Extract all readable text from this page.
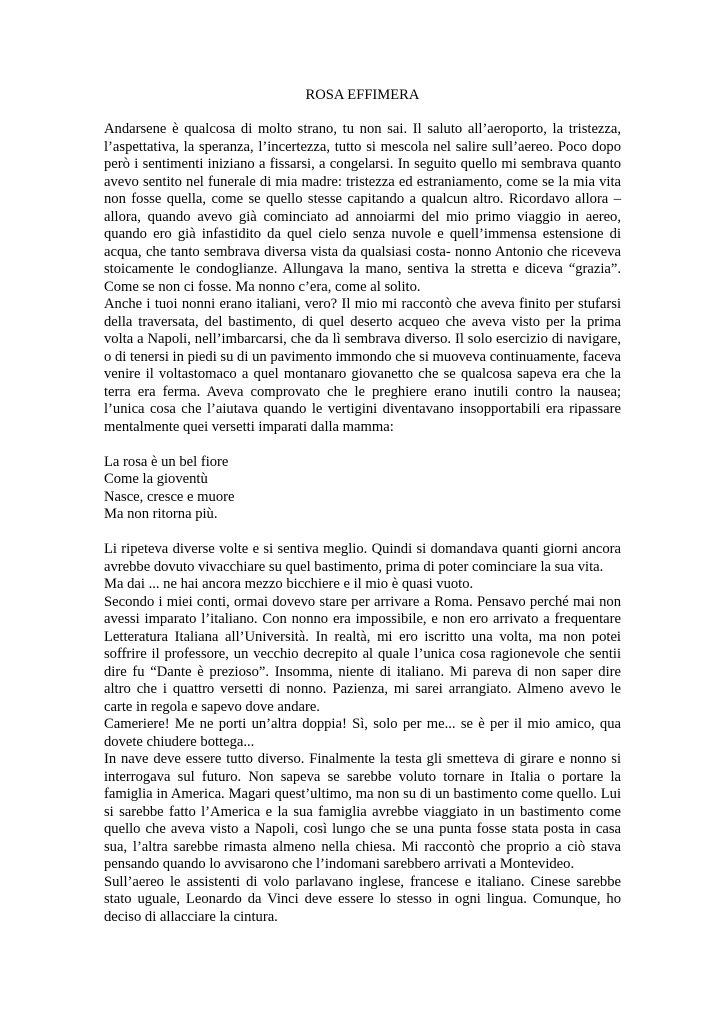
ROSA EFFIMERA

Andarsene è qualcosa di molto strano, tu non sai. Il saluto all’aeroporto, la tristezza, l’aspettativa, la speranza, l’incertezza, tutto si mescola nel salire sull’aereo. Poco dopo però i sentimenti iniziano a fissarsi, a congelarsi. In seguito quello mi sembrava quanto avevo sentito nel funerale di mia madre: tristezza ed estraniamento, come se la mia vita non fosse quella, come se quello stesse capitando a qualcun altro. Ricordavo allora – allora, quando avevo già cominciato ad annoiarmi del mio primo viaggio in aereo, quando ero già infastidito da quel cielo senza nuvole e quell’immensa estensione di acqua, che tanto sembrava diversa vista da qualsiasi costa- nonno Antonio che riceveva stoicamente le condoglianze. Allungava la mano, sentiva la stretta e diceva “grazia”. Come se non ci fosse. Ma nonno c’era, come al solito.

Anche i tuoi nonni erano italiani, vero? Il mio mi raccontò che aveva finito per stufarsi della traversata, del bastimento, di quel deserto acqueo che aveva visto per la prima volta a Napoli, nell’imbarcarsi, che da lì sembrava diverso. Il solo esercizio di navigare, o di tenersi in piedi su di un pavimento immondo che si muoveva continuamente, faceva venire il voltastomaco a quel montanaro giovanetto che se qualcosa sapeva era che la terra era ferma. Aveva comprovato che le preghiere erano inutili contro la nausea; l’unica cosa che l’aiutava quando le vertigini diventavano insopportabili era ripassare mentalmente quei versetti imparati dalla mamma:

La rosa è un bel fiore

Come la gioventù

Nasce, cresce e muore

Ma non ritorna più.

Li ripeteva diverse volte e si sentiva meglio. Quindi si domandava quanti giorni ancora avrebbe dovuto vivacchiare su quel bastimento, prima di poter cominciare la sua vita.

Ma dai ... ne hai ancora mezzo bicchiere e il mio è quasi vuoto.

Secondo i miei conti, ormai dovevo stare per arrivare a Roma. Pensavo perché mai non avessi imparato l’italiano. Con nonno era impossibile, e non ero arrivato a frequentare Letteratura Italiana all’Università. In realtà, mi ero iscritto una volta, ma non potei soffrire il professore, un vecchio decrepito al quale l’unica cosa ragionevole che sentii dire fu “Dante è prezioso”. Insomma, niente di italiano. Mi pareva di non saper dire altro che i quattro versetti di nonno. Pazienza, mi sarei arrangiato. Almeno avevo le carte in regola e sapevo dove andare.

Cameriere! Me ne porti un’altra doppia! Sì, solo per me... se è per il mio amico, qua dovete chiudere bottega...

In nave deve essere tutto diverso. Finalmente la testa gli smetteva di girare e nonno si interrogava sul futuro. Non sapeva se sarebbe voluto tornare in Italia o portare la famiglia in America. Magari quest’ultimo, ma non su di un bastimento come quello. Lui si sarebbe fatto l’America e la sua famiglia avrebbe viaggiato in un bastimento come quello che aveva visto a Napoli, così lungo che se una punta fosse stata posta in casa sua, l’altra sarebbe rimasta almeno nella chiesa. Mi raccontò che proprio a ciò stava pensando quando lo avvisarono che l’indomani sarebbero arrivati a Montevideo.

Sull’aereo le assistenti di volo parlavano inglese, francese e italiano. Cinese sarebbe stato uguale, Leonardo da Vinci deve essere lo stesso in ogni lingua. Comunque, ho deciso di allacciare la cintura.
